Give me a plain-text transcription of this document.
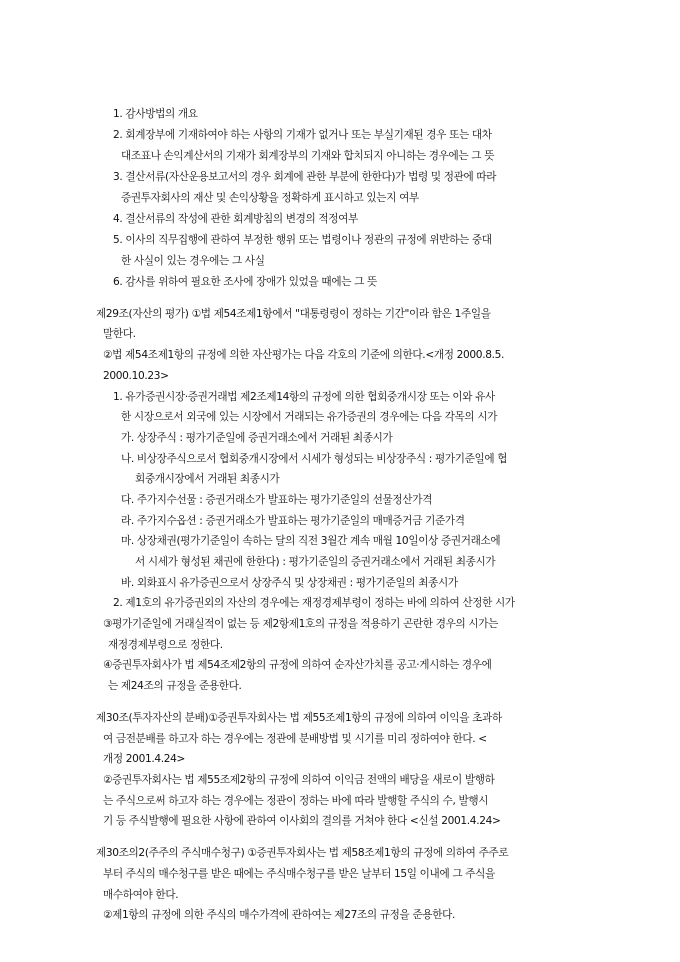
1. 감사방법의 개요
2. 회계장부에 기재하여야 하는 사항의 기재가 없거나 또는 부실기재된 경우 또는 대차
대조표나 손익계산서의 기재가 회계장부의 기재와 합치되지 아니하는 경우에는 그 뜻
3. 결산서류(자산운용보고서의 경우 회계에 관한 부분에 한한다)가 법령 및 정관에 따라
증권투자회사의 재산 및 손익상황을 정확하게 표시하고 있는지 여부
4. 결산서류의 작성에 관한 회계방침의 변경의 적정여부
5. 이사의 직무집행에 관하여 부정한 행위 또는 법령이나 정관의 규정에 위반하는 중대
한 사실이 있는 경우에는 그 사실
6. 감사를 위하여 필요한 조사에 장애가 있었을 때에는 그 뜻
제29조(자산의 평가) ①법 제54조제1항에서 "대통령령이 정하는 기간"이라 함은 1주일을
말한다.
②법 제54조제1항의 규정에 의한 자산평가는 다음 각호의 기준에 의한다.<개정 2000.8.5.
2000.10.23>
1. 유가증권시장·증권거래법 제2조제14항의 규정에 의한 협회중개시장 또는 이와 유사
한 시장으로서 외국에 있는 시장에서 거래되는 유가증권의 경우에는 다음 각목의 시가
가. 상장주식 : 평가기준일에 증권거래소에서 거래된 최종시가
나. 비상장주식으로서 협회중개시장에서 시세가 형성되는 비상장주식 : 평가기준일에 협
회중개시장에서 거래된 최종시가
다. 주가지수선물 : 증권거래소가 발표하는 평가기준일의 선물정산가격
라. 주가지수옵션 : 증권거래소가 발표하는 평가기준일의 매매증거금 기준가격
마. 상장채권(평가기준일이 속하는 달의 직전 3월간 계속 매월 10일이상 증권거래소에
서 시세가 형성된 채권에 한한다) : 평가기준일의 증권거래소에서 거래된 최종시가
바. 외화표시 유가증권으로서 상장주식 및 상장채권 : 평가기준일의 최종시가
2. 제1호의 유가증권외의 자산의 경우에는 재정경제부령이 정하는 바에 의하여 산정한 시가
③평가기준일에 거래실적이 없는 등 제2항제1호의 규정을 적용하기 곤란한 경우의 시가는
재정경제부령으로 정한다.
④증권투자회사가 법 제54조제2항의 규정에 의하여 순자산가치를 공고·게시하는 경우에
는 제24조의 규정을 준용한다.
제30조(투자자산의 분배)①증권투자회사는 법 제55조제1항의 규정에 의하여 이익을 초과하
여 금전분배를 하고자 하는 경우에는 정관에 분배방법 및 시기를 미리 정하여야 한다. <
개정 2001.4.24>
②증권투자회사는 법 제55조제2항의 규정에 의하여 이익금 전액의 배당을 새로이 발행하
는 주식으로써 하고자 하는 경우에는 정관이 정하는 바에 따라 발행할 주식의 수, 발행시
기 등 주식발행에 필요한 사항에 관하여 이사회의 결의를 거쳐야 한다 <신설 2001.4.24>
제30조의2(주주의 주식매수청구) ①증권투자회사는 법 제58조제1항의 규정에 의하여 주주로
부터 주식의 매수청구를 받은 때에는 주식매수청구를 받은 날부터 15일 이내에 그 주식을
매수하여야 한다.
②제1항의 규정에 의한 주식의 매수가격에 관하여는 제27조의 규정을 준용한다.
